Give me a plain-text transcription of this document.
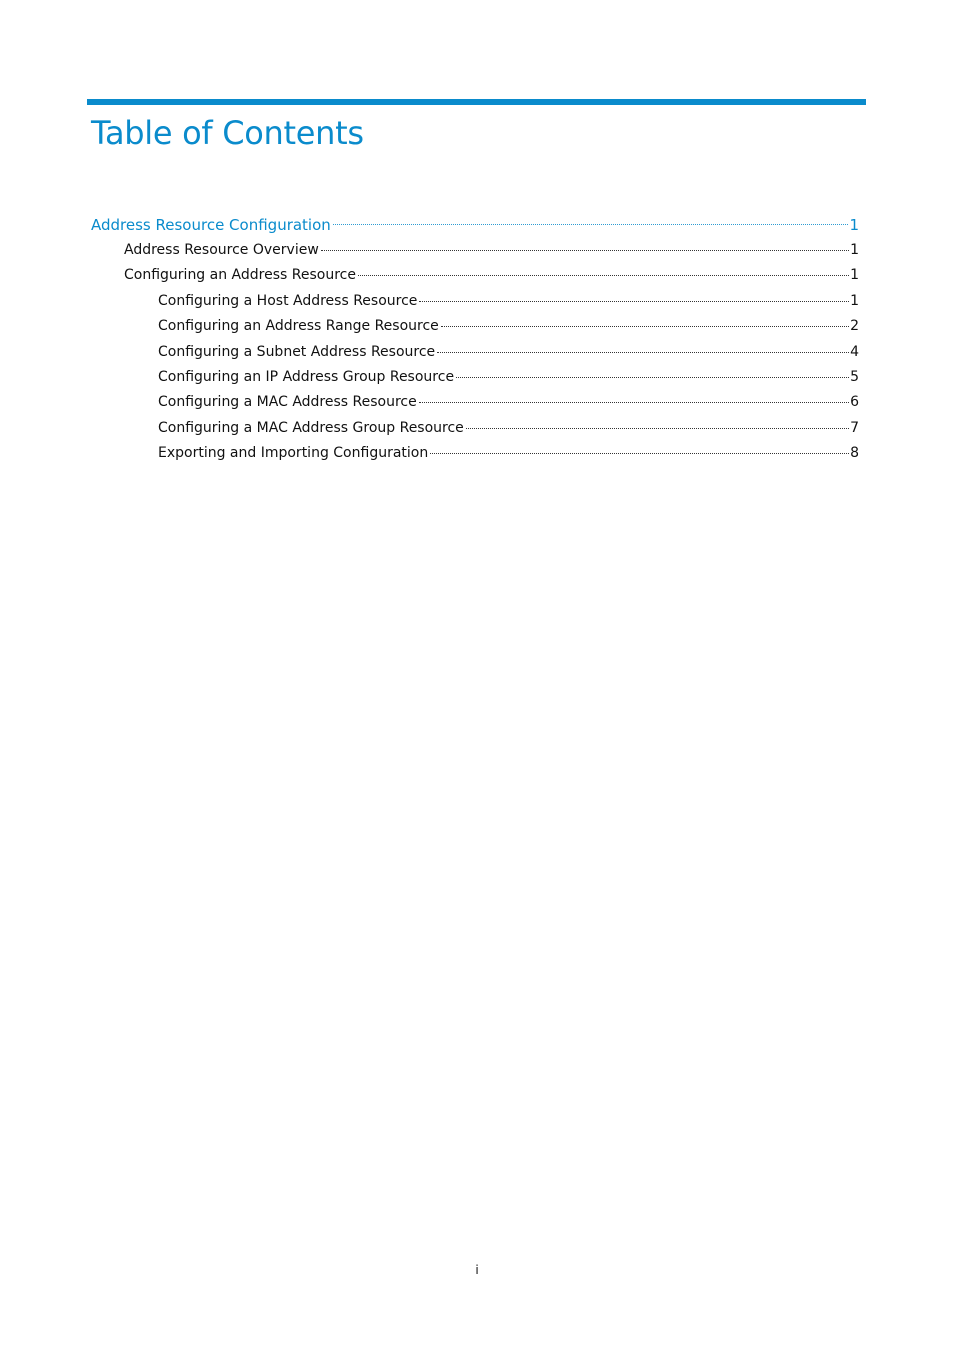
Table of Contents
Address Resource Configuration	1
Address Resource Overview	1
Configuring an Address Resource	1
Configuring a Host Address Resource	1
Configuring an Address Range Resource	2
Configuring a Subnet Address Resource	4
Configuring an IP Address Group Resource	5
Configuring a MAC Address Resource	6
Configuring a MAC Address Group Resource	7
Exporting and Importing Configuration	8
i
